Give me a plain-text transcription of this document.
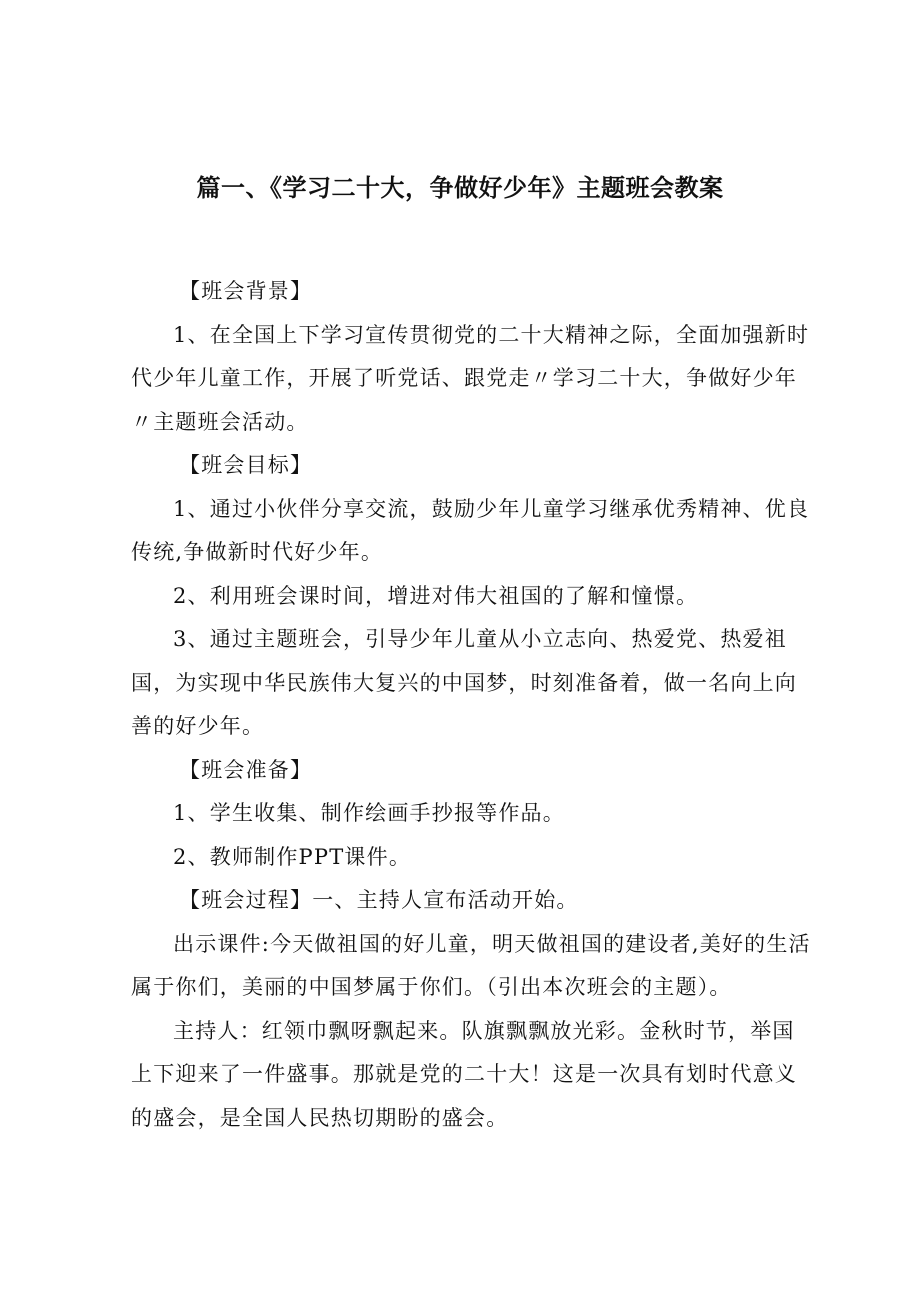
篇一、《学习二十大，争做好少年》主题班会教案

【班会背景】

1、在全国上下学习宣传贯彻党的二十大精神之际，全面加强新时代少年儿童工作，开展了听党话、跟党走〃学习二十大，争做好少年〃主题班会活动。

【班会目标】

1、通过小伙伴分享交流，鼓励少年儿童学习继承优秀精神、优良传统,争做新时代好少年。

2、利用班会课时间，增进对伟大祖国的了解和憧憬。

3、通过主题班会，引导少年儿童从小立志向、热爱党、热爱祖国，为实现中华民族伟大复兴的中国梦，时刻准备着，做一名向上向善的好少年。

【班会准备】

1、学生收集、制作绘画手抄报等作品。

2、教师制作PPT课件。

【班会过程】一、主持人宣布活动开始。

出示课件:今天做祖国的好儿童，明天做祖国的建设者,美好的生活属于你们，美丽的中国梦属于你们。（引出本次班会的主题）。

主持人：红领巾飘呀飘起来。队旗飘飘放光彩。金秋时节，举国上下迎来了一件盛事。那就是党的二十大！这是一次具有划时代意义的盛会，是全国人民热切期盼的盛会。
